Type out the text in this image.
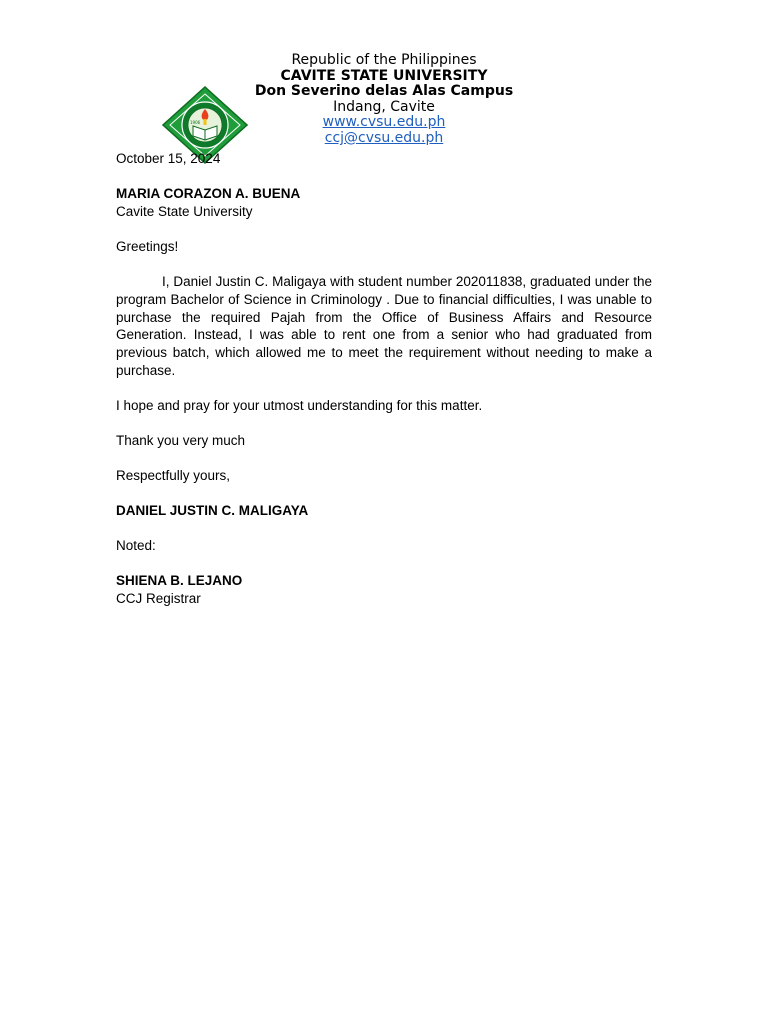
Republic of the Philippines
CAVITE STATE UNIVERSITY
Don Severino delas Alas Campus
Indang, Cavite
www.cvsu.edu.ph
ccj@cvsu.edu.ph
1906
October 15, 2024
MARIA CORAZON A. BUENA
Cavite State University
Greetings!
I, Daniel Justin C. Maligaya with student number 202011838, graduated under the program Bachelor of Science in Criminology . Due to financial difficulties, I was unable to purchase the required Pajah from the Office of Business Affairs and Resource Generation. Instead, I was able to rent one from a senior who had graduated from previous batch, which allowed me to meet the requirement without needing to make a purchase.
I hope and pray for your utmost understanding for this matter.
Thank you very much
Respectfully yours,
DANIEL JUSTIN C. MALIGAYA
Noted:
SHIENA B. LEJANO
CCJ Registrar
